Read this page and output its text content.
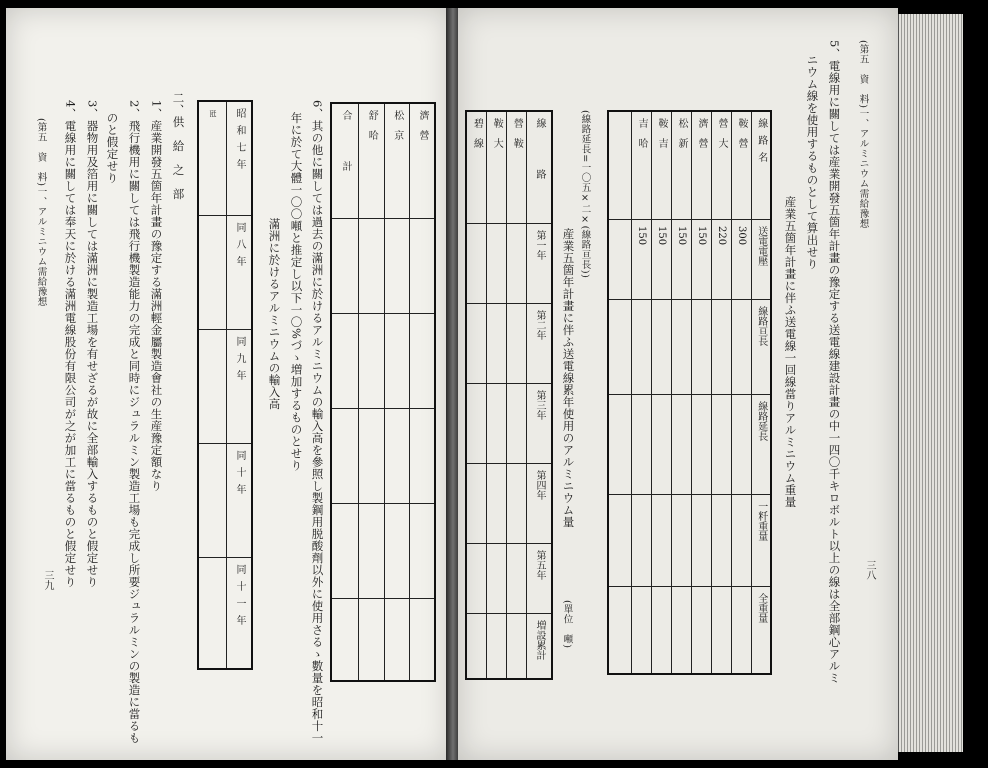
(第五　資　料)一、アルミニウム需給豫想
三八
5、電線用に關しては産業開發五箇年計畫の豫定する送電線建設計畫の中一四〇千キロボルト以上の線は全部鋼心アルミ
ニウム線を使用するものとして算出せり
産業五箇年計畫に伴ふ送電線一回線當りアルミニウム重量
	吉　哈	鞍　吉	松　新	濟　營	營　大	鞍　營	線路名
	150	150	150	150	220	300	送電電壓
							線路亘長
							線路延長
							一粁重量
							全重量
(線路延長=一〇五×二×(線路亘長))
産業五箇年計畫に伴ふ送電線累年使用のアルミニウム量
(單位　噸)
碧　線	鞍　大	營　鞍	線　　路
			第一年
			第二年
			第三年
			第四年
			第五年
			増設累計
合　　計	舒　哈	松　京	濟　營

6、其の他に關しては過去の滿洲に於けるアルミニウムの輸入高を參照し製鋼用脱酸劑以外に使用さるゝ數量を昭和十一
年に於て大體一〇〇噸と推定し以下一〇%づゝ増加するものとせり
滿洲に於けるアルミニウムの輸入高
瓩	昭和七年
	同八年
	同九年
	同十年
	同十一年
二、供　給　之　部
1、産業開發五箇年計畫の豫定する滿洲輕金屬製造會社の生産豫定額なり
2、飛行機用に關しては飛行機製造能力の完成と同時にジュラルミン製造工場も完成し所要ジュラルミンの製造に當るも
のと假定せり
3、器物用及箔用に關しては滿洲に製造工場を有せざるが故に全部輸入するものと假定せり
4、電線用に關しては奉天に於ける滿洲電線股份有限公司が之が加工に當るものと假定せり
(第五　資　料)一、アルミニウム需給豫想
三九
